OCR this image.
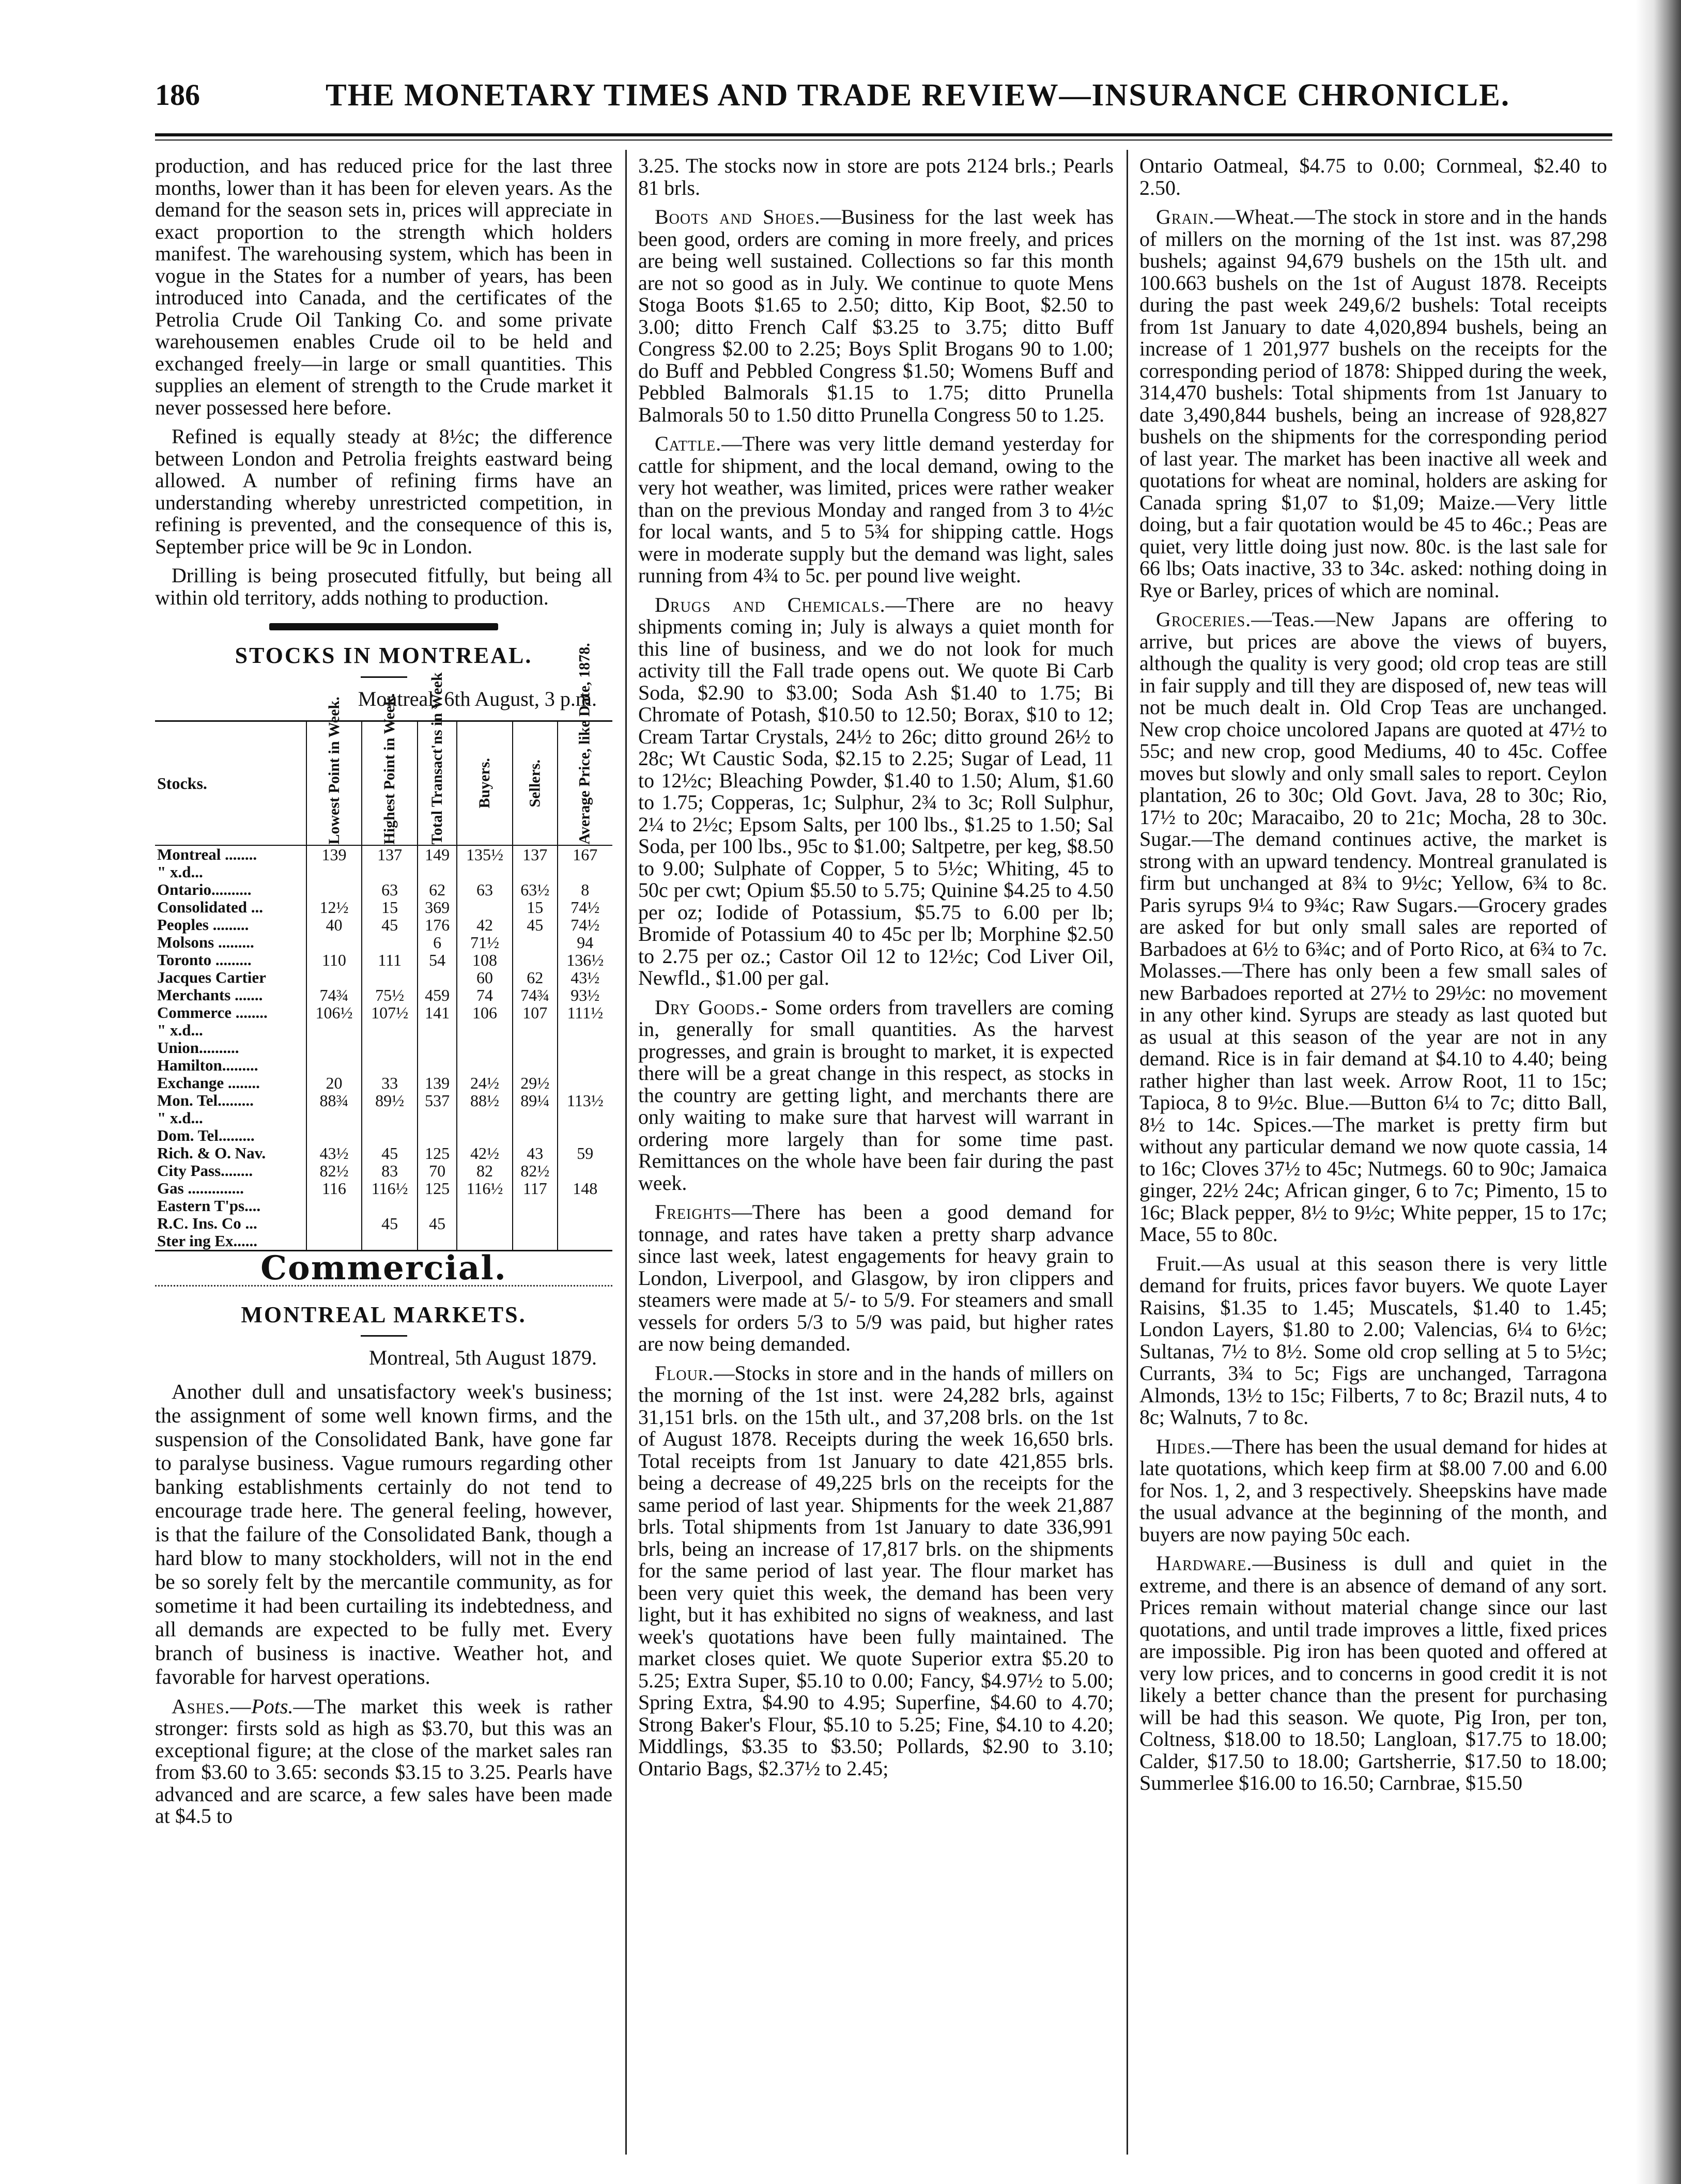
186	THE MONETARY TIMES AND TRADE REVIEW—INSURANCE CHRONICLE.

production, and has reduced price for the last three months, lower than it has been for eleven years. As the demand for the season sets in, prices will appreciate in exact proportion to the strength which holders manifest. The warehousing system, which has been in vogue in the States for a number of years, has been introduced into Canada, and the certificates of the Petrolia Crude Oil Tanking Co. and some private warehousemen enables Crude oil to be held and exchanged freely—in large or small quantities. This supplies an element of strength to the Crude market it never possessed here before.

Refined is equally steady at 8½c; the difference between London and Petrolia freights eastward being allowed. A number of refining firms have an understanding whereby unrestricted competition, in refining is prevented, and the consequence of this is, September price will be 9c in London.

Drilling is being prosecuted fitfully, but being all within old territory, adds nothing to production.

STOCKS IN MONTREAL.
Montreal, 6th August, 3 p.m.
Stocks.	Lowest Point in Week.	Highest Point in Week.	Total Transact'ns in Week	Buyers.	Sellers.	Average Price, like Date, 1878.
Montreal ........	139	137	149	135½	137	167
" x.d...						
Ontario..........		63	62	63	63½	8
Consolidated ...	12½	15	369		15	74½
Peoples .........	40	45	176	42	45	74½
Molsons .........			6	71½		94
Toronto .........	110	111	54	108		136½
Jacques Cartier				60	62	43½
Merchants .......	74¾	75½	459	74	74¾	93½
Commerce ........	106½	107½	141	106	107	111½
" x.d...						
Union..........						
Hamilton.........						
Exchange ........	20	33	139	24½	29½	
Mon. Tel.........	88¾	89½	537	88½	89¼	113½
" x.d...						
Dom. Tel.........						
Rich. & O. Nav.	43½	45	125	42½	43	59
City Pass........	82½	83	70	82	82½	
Gas ..............	116	116½	125	116½	117	148
Eastern T'ps....						
R.C. Ins. Co ...		45	45			
Ster ing Ex......						
Commercial.
MONTREAL MARKETS.
Montreal, 5th August 1879.

Another dull and unsatisfactory week's business; the assignment of some well known firms, and the suspension of the Consolidated Bank, have gone far to paralyse business. Vague rumours regarding other banking establishments certainly do not tend to encourage trade here. The general feeling, however, is that the failure of the Consolidated Bank, though a hard blow to many stockholders, will not in the end be so sorely felt by the mercantile community, as for sometime it had been curtailing its indebtedness, and all demands are expected to be fully met. Every branch of business is inactive. Weather hot, and favorable for harvest operations.

Ashes.—Pots.—The market this week is rather stronger: firsts sold as high as $3.70, but this was an exceptional figure; at the close of the market sales ran from $3.60 to 3.65: seconds $3.15 to 3.25. Pearls have advanced and are scarce, a few sales have been made at $4.5 to

3.25. The stocks now in store are pots 2124 brls.; Pearls 81 brls.

Boots and Shoes.—Business for the last week has been good, orders are coming in more freely, and prices are being well sustained. Collections so far this month are not so good as in July. We continue to quote Mens Stoga Boots $1.65 to 2.50; ditto, Kip Boot, $2.50 to 3.00; ditto French Calf $3.25 to 3.75; ditto Buff Congress $2.00 to 2.25; Boys Split Brogans 90 to 1.00; do Buff and Pebbled Congress $1.50; Womens Buff and Pebbled Balmorals $1.15 to 1.75; ditto Prunella Balmorals 50 to 1.50 ditto Prunella Congress 50 to 1.25.

Cattle.—There was very little demand yesterday for cattle for shipment, and the local demand, owing to the very hot weather, was limited, prices were rather weaker than on the previous Monday and ranged from 3 to 4½c for local wants, and 5 to 5¾ for shipping cattle. Hogs were in moderate supply but the demand was light, sales running from 4¾ to 5c. per pound live weight.

Drugs and Chemicals.—There are no heavy shipments coming in; July is always a quiet month for this line of business, and we do not look for much activity till the Fall trade opens out. We quote Bi Carb Soda, $2.90 to $3.00; Soda Ash $1.40 to 1.75; Bi Chromate of Potash, $10.50 to 12.50; Borax, $10 to 12; Cream Tartar Crystals, 24½ to 26c; ditto ground 26½ to 28c; Wt Caustic Soda, $2.15 to 2.25; Sugar of Lead, 11 to 12½c; Bleaching Powder, $1.40 to 1.50; Alum, $1.60 to 1.75; Copperas, 1c; Sulphur, 2¾ to 3c; Roll Sulphur, 2¼ to 2½c; Epsom Salts, per 100 lbs., $1.25 to 1.50; Sal Soda, per 100 lbs., 95c to $1.00; Saltpetre, per keg, $8.50 to 9.00; Sulphate of Copper, 5 to 5½c; Whiting, 45 to 50c per cwt; Opium $5.50 to 5.75; Quinine $4.25 to 4.50 per oz; Iodide of Potassium, $5.75 to 6.00 per lb; Bromide of Potassium 40 to 45c per lb; Morphine $2.50 to 2.75 per oz.; Castor Oil 12 to 12½c; Cod Liver Oil, Newfld., $1.00 per gal.

Dry Goods.- Some orders from travellers are coming in, generally for small quantities. As the harvest progresses, and grain is brought to market, it is expected there will be a great change in this respect, as stocks in the country are getting light, and merchants there are only waiting to make sure that harvest will warrant in ordering more largely than for some time past. Remittances on the whole have been fair during the past week.

Freights—There has been a good demand for tonnage, and rates have taken a pretty sharp advance since last week, latest engagements for heavy grain to London, Liverpool, and Glasgow, by iron clippers and steamers were made at 5/- to 5/9. For steamers and small vessels for orders 5/3 to 5/9 was paid, but higher rates are now being demanded.

Flour.—Stocks in store and in the hands of millers on the morning of the 1st inst. were 24,282 brls, against 31,151 brls. on the 15th ult., and 37,208 brls. on the 1st of August 1878. Receipts during the week 16,650 brls. Total receipts from 1st January to date 421,855 brls. being a decrease of 49,225 brls on the receipts for the same period of last year. Shipments for the week 21,887 brls. Total shipments from 1st January to date 336,991 brls, being an increase of 17,817 brls. on the shipments for the same period of last year. The flour market has been very quiet this week, the demand has been very light, but it has exhibited no signs of weakness, and last week's quotations have been fully maintained. The market closes quiet. We quote Superior extra $5.20 to 5.25; Extra Super, $5.10 to 0.00; Fancy, $4.97½ to 5.00; Spring Extra, $4.90 to 4.95; Superfine, $4.60 to 4.70; Strong Baker's Flour, $5.10 to 5.25; Fine, $4.10 to 4.20; Middlings, $3.35 to $3.50; Pollards, $2.90 to 3.10; Ontario Bags, $2.37½ to 2.45;

Ontario Oatmeal, $4.75 to 0.00; Cornmeal, $2.40 to 2.50.

Grain.—Wheat.—The stock in store and in the hands of millers on the morning of the 1st inst. was 87,298 bushels; against 94,679 bushels on the 15th ult. and 100.663 bushels on the 1st of August 1878. Receipts during the past week 249,6/2 bushels: Total receipts from 1st January to date 4,020,894 bushels, being an increase of 1 201,977 bushels on the receipts for the corresponding period of 1878: Shipped during the week, 314,470 bushels: Total shipments from 1st January to date 3,490,844 bushels, being an increase of 928,827 bushels on the shipments for the corresponding period of last year. The market has been inactive all week and quotations for wheat are nominal, holders are asking for Canada spring $1,07 to $1,09; Maize.—Very little doing, but a fair quotation would be 45 to 46c.; Peas are quiet, very little doing just now. 80c. is the last sale for 66 lbs; Oats inactive, 33 to 34c. asked: nothing doing in Rye or Barley, prices of which are nominal.

Groceries.—Teas.—New Japans are offering to arrive, but prices are above the views of buyers, although the quality is very good; old crop teas are still in fair supply and till they are disposed of, new teas will not be much dealt in. Old Crop Teas are unchanged. New crop choice uncolored Japans are quoted at 47½ to 55c; and new crop, good Mediums, 40 to 45c. Coffee moves but slowly and only small sales to report. Ceylon plantation, 26 to 30c; Old Govt. Java, 28 to 30c; Rio, 17½ to 20c; Maracaibo, 20 to 21c; Mocha, 28 to 30c. Sugar.—The demand continues active, the market is strong with an upward tendency. Montreal granulated is firm but unchanged at 8¾ to 9½c; Yellow, 6¾ to 8c. Paris syrups 9¼ to 9¾c; Raw Sugars.—Grocery grades are asked for but only small sales are reported of Barbadoes at 6½ to 6¾c; and of Porto Rico, at 6¾ to 7c. Molasses.—There has only been a few small sales of new Barbadoes reported at 27½ to 29½c: no movement in any other kind. Syrups are steady as last quoted but as usual at this season of the year are not in any demand. Rice is in fair demand at $4.10 to 4.40; being rather higher than last week. Arrow Root, 11 to 15c; Tapioca, 8 to 9½c. Blue.—Button 6¼ to 7c; ditto Ball, 8½ to 14c. Spices.—The market is pretty firm but without any particular demand we now quote cassia, 14 to 16c; Cloves 37½ to 45c; Nutmegs. 60 to 90c; Jamaica ginger, 22½ 24c; African ginger, 6 to 7c; Pimento, 15 to 16c; Black pepper, 8½ to 9½c; White pepper, 15 to 17c; Mace, 55 to 80c.

Fruit.—As usual at this season there is very little demand for fruits, prices favor buyers. We quote Layer Raisins, $1.35 to 1.45; Muscatels, $1.40 to 1.45; London Layers, $1.80 to 2.00; Valencias, 6¼ to 6½c; Sultanas, 7½ to 8½. Some old crop selling at 5 to 5½c; Currants, 3¾ to 5c; Figs are unchanged, Tarragona Almonds, 13½ to 15c; Filberts, 7 to 8c; Brazil nuts, 4 to 8c; Walnuts, 7 to 8c.

Hides.—There has been the usual demand for hides at late quotations, which keep firm at $8.00 7.00 and 6.00 for Nos. 1, 2, and 3 respectively. Sheepskins have made the usual advance at the beginning of the month, and buyers are now paying 50c each.

Hardware.—Business is dull and quiet in the extreme, and there is an absence of demand of any sort. Prices remain without material change since our last quotations, and until trade improves a little, fixed prices are impossible. Pig iron has been quoted and offered at very low prices, and to concerns in good credit it is not likely a better chance than the present for purchasing will be had this season. We quote, Pig Iron, per ton, Coltness, $18.00 to 18.50; Langloan, $17.75 to 18.00; Calder, $17.50 to 18.00; Gartsherrie, $17.50 to 18.00; Summerlee $16.00 to 16.50; Carnbrae, $15.50
